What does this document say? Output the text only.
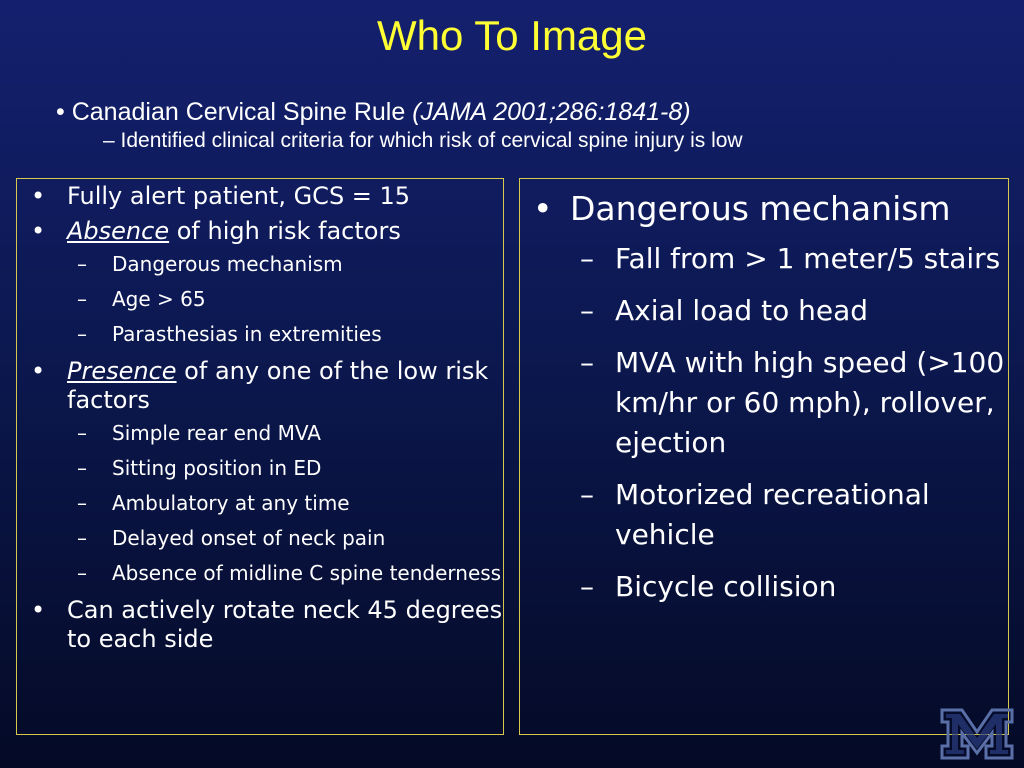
Who To Image
• Canadian Cervical Spine Rule (JAMA 2001;286:1841-8)
– Identified clinical criteria for which risk of cervical spine injury is low
• Fully alert patient, GCS = 15
• Absence of high risk factors
– Dangerous mechanism
– Age > 65
– Parasthesias in extremities
• Presence of any one of the low risk factors
– Simple rear end MVA
– Sitting position in ED
– Ambulatory at any time
– Delayed onset of neck pain
– Absence of midline C spine tenderness
• Can actively rotate neck 45 degrees to each side
• Dangerous mechanism
– Fall from > 1 meter/5 stairs
– Axial load to head
– MVA with high speed (>100 km/hr or 60 mph), rollover, ejection
– Motorized recreational vehicle
– Bicycle collision
